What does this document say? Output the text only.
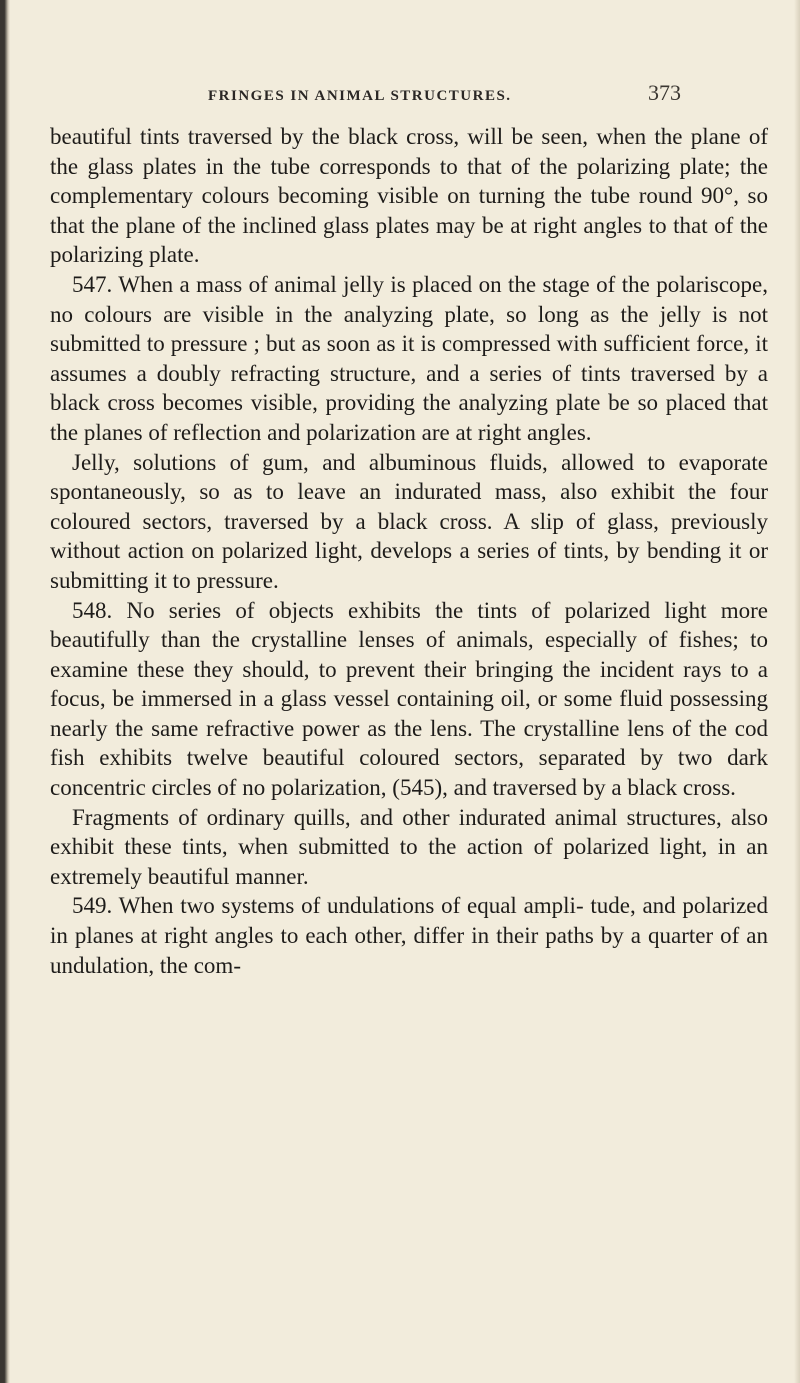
FRINGES IN ANIMAL STRUCTURES.	373

beautiful tints traversed by the black cross, will be seen, when the plane of the glass plates in the tube corresponds to that of the polarizing plate; the complementary colours becoming visible on turning the tube round 90°, so that the plane of the inclined glass plates may be at right angles to that of the polarizing plate.

547. When a mass of animal jelly is placed on the stage of the polariscope, no colours are visible in the analyzing plate, so long as the jelly is not submitted to pressure ; but as soon as it is compressed with sufficient force, it assumes a doubly refracting structure, and a series of tints traversed by a black cross becomes visible, providing the analyzing plate be so placed that the planes of reflection and polarization are at right angles.

Jelly, solutions of gum, and albuminous fluids, allowed to evaporate spontaneously, so as to leave an indurated mass, also exhibit the four coloured sectors, traversed by a black cross. A slip of glass, previously without action on polarized light, develops a series of tints, by bending it or submitting it to pressure.

548. No series of objects exhibits the tints of polarized light more beautifully than the crystalline lenses of animals, especially of fishes; to examine these they should, to prevent their bringing the incident rays to a focus, be immersed in a glass vessel containing oil, or some fluid possessing nearly the same refractive power as the lens. The crystalline lens of the cod fish exhibits twelve beautiful coloured sectors, separated by two dark concentric circles of no polarization, (545), and traversed by a black cross.

Fragments of ordinary quills, and other indurated animal structures, also exhibit these tints, when submitted to the action of polarized light, in an extremely beautiful manner.

549. When two systems of undulations of equal ampli- tude, and polarized in planes at right angles to each other, differ in their paths by a quarter of an undulation, the com-
